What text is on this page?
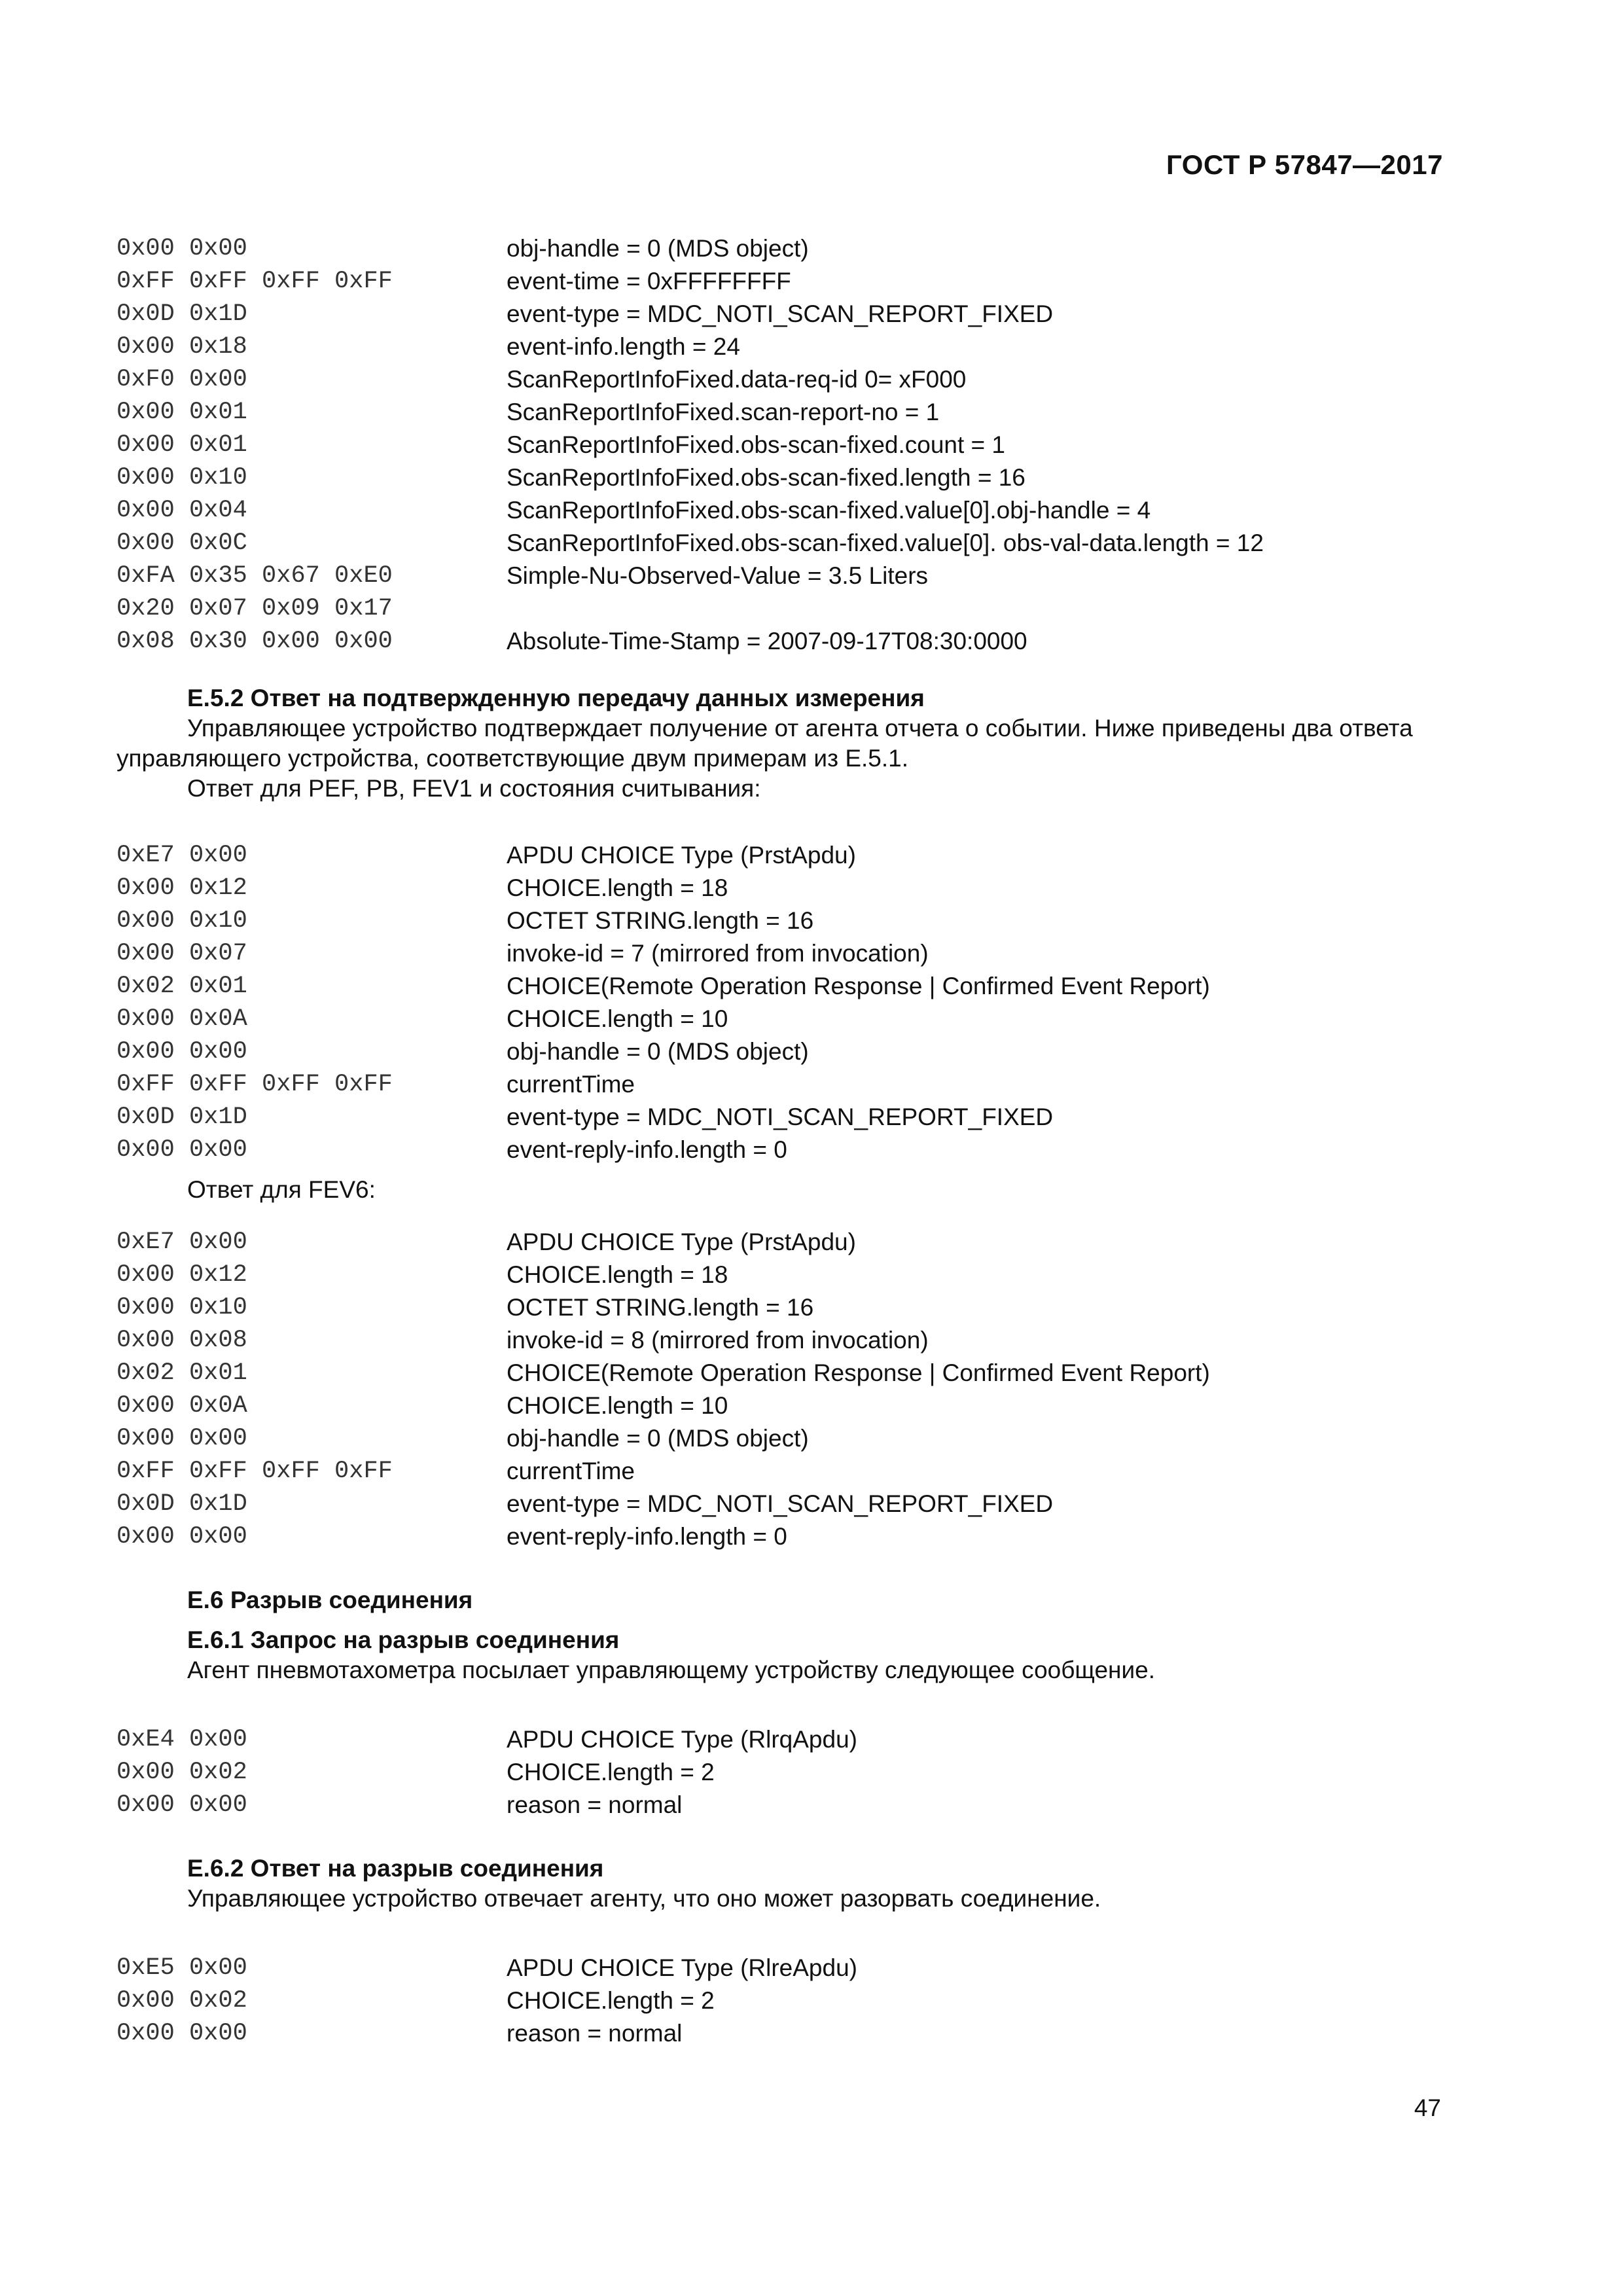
ГОСТ Р 57847—2017
0x00 0x00	obj-handle = 0 (MDS object)
0xFF 0xFF 0xFF 0xFF	event-time = 0xFFFFFFFF
0x0D 0x1D	event-type = MDC_NOTI_SCAN_REPORT_FIXED
0x00 0x18	event-info.length = 24
0xF0 0x00	ScanReportInfoFixed.data-req-id 0= xF000
0x00 0x01	ScanReportInfoFixed.scan-report-no = 1
0x00 0x01	ScanReportInfoFixed.obs-scan-fixed.count = 1
0x00 0x10	ScanReportInfoFixed.obs-scan-fixed.length = 16
0x00 0x04	ScanReportInfoFixed.obs-scan-fixed.value[0].obj-handle = 4
0x00 0x0C	ScanReportInfoFixed.obs-scan-fixed.value[0]. obs-val-data.length = 12
0xFA 0x35 0x67 0xE0	Simple-Nu-Observed-Value = 3.5 Liters
0x20 0x07 0x09 0x17
0x08 0x30 0x00 0x00	Absolute-Time-Stamp = 2007-09-17T08:30:0000
E.5.2 Ответ на подтвержденную передачу данных измерения
Управляющее устройство подтверждает получение от агента отчета о событии. Ниже приведены два ответа
управляющего устройства, соответствующие двум примерам из E.5.1.
Ответ для PEF, PB, FEV1 и состояния считывания:
0xE7 0x00	APDU CHOICE Type (PrstApdu)
0x00 0x12	CHOICE.length = 18
0x00 0x10	OCTET STRING.length = 16
0x00 0x07	invoke-id = 7 (mirrored from invocation)
0x02 0x01	CHOICE(Remote Operation Response | Confirmed Event Report)
0x00 0x0A	CHOICE.length = 10
0x00 0x00	obj-handle = 0 (MDS object)
0xFF 0xFF 0xFF 0xFF	currentTime
0x0D 0x1D	event-type = MDC_NOTI_SCAN_REPORT_FIXED
0x00 0x00	event-reply-info.length = 0
Ответ для FEV6:
0xE7 0x00	APDU CHOICE Type (PrstApdu)
0x00 0x12	CHOICE.length = 18
0x00 0x10	OCTET STRING.length = 16
0x00 0x08	invoke-id = 8 (mirrored from invocation)
0x02 0x01	CHOICE(Remote Operation Response | Confirmed Event Report)
0x00 0x0A	CHOICE.length = 10
0x00 0x00	obj-handle = 0 (MDS object)
0xFF 0xFF 0xFF 0xFF	currentTime
0x0D 0x1D	event-type = MDC_NOTI_SCAN_REPORT_FIXED
0x00 0x00	event-reply-info.length = 0
E.6 Разрыв соединения
E.6.1 Запрос на разрыв соединения
Агент пневмотахометра посылает управляющему устройству следующее сообщение.
0xE4 0x00	APDU CHOICE Type (RlrqApdu)
0x00 0x02	CHOICE.length = 2
0x00 0x00	reason = normal
E.6.2 Ответ на разрыв соединения
Управляющее устройство отвечает агенту, что оно может разорвать соединение.
0xE5 0x00	APDU CHOICE Type (RlreApdu)
0x00 0x02	CHOICE.length = 2
0x00 0x00	reason = normal
47
